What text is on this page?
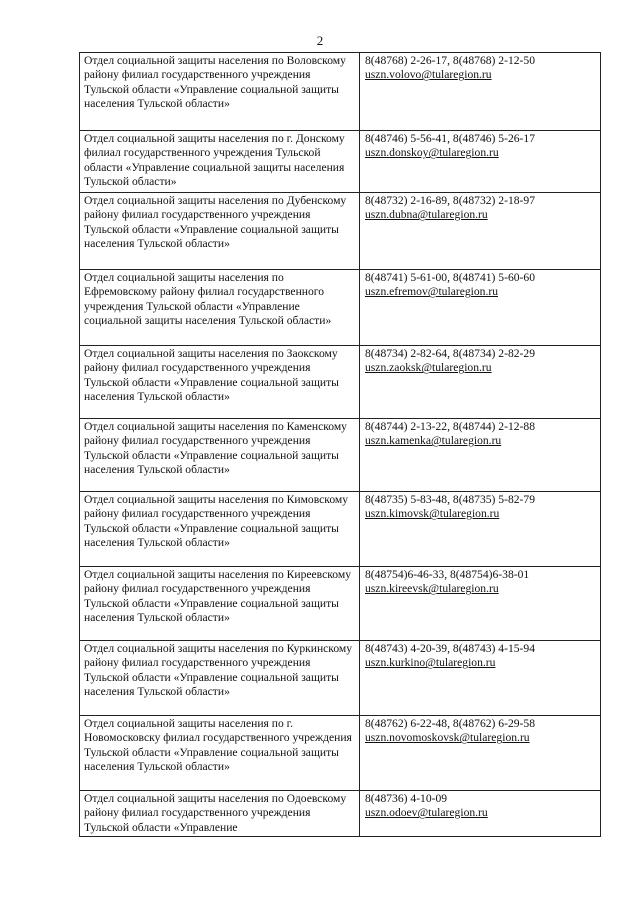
2
Отдел социальной защиты населения по Воловскому району филиал государственного учреждения Тульской области «Управление социальной защиты населения Тульской области»	8(48768) 2-26-17, 8(48768) 2-12-50
uszn.volovo@tularegion.ru

Отдел социальной защиты населения по г. Донскому филиал государственного учреждения Тульской области «Управление социальной защиты населения Тульской области»	8(48746) 5-56-41, 8(48746) 5-26-17
uszn.donskoy@tularegion.ru

Отдел социальной защиты населения по Дубенскому району филиал государственного учреждения Тульской области «Управление социальной защиты населения Тульской области»	8(48732) 2-16-89, 8(48732) 2-18-97
uszn.dubna@tularegion.ru

Отдел социальной защиты населения по Ефремовскому району филиал государственного учреждения Тульской области «Управление социальной защиты населения Тульской области»	8(48741) 5-61-00, 8(48741) 5-60-60
uszn.efremov@tularegion.ru

Отдел социальной защиты населения по Заокскому району филиал государственного учреждения Тульской области «Управление социальной защиты населения Тульской области»	8(48734) 2-82-64, 8(48734) 2-82-29
uszn.zaoksk@tularegion.ru

Отдел социальной защиты населения по Каменскому району филиал государственного учреждения Тульской области «Управление социальной защиты населения Тульской области»	8(48744) 2-13-22, 8(48744) 2-12-88
uszn.kamenka@tularegion.ru

Отдел социальной защиты населения по Кимовскому району филиал государственного учреждения Тульской области «Управление социальной защиты населения Тульской области»	8(48735) 5-83-48, 8(48735) 5-82-79
uszn.kimovsk@tularegion.ru

Отдел социальной защиты населения по Киреевскому району филиал государственного учреждения Тульской области «Управление социальной защиты населения Тульской области»	8(48754)6-46-33, 8(48754)6-38-01
uszn.kireevsk@tularegion.ru

Отдел социальной защиты населения по Куркинскому району филиал государственного учреждения Тульской области «Управление социальной защиты населения Тульской области»	8(48743) 4-20-39, 8(48743) 4-15-94
uszn.kurkino@tularegion.ru

Отдел социальной защиты населения по г. Новомосковску филиал государственного учреждения Тульской области «Управление социальной защиты населения Тульской области»	8(48762) 6-22-48, 8(48762) 6-29-58
uszn.novomoskovsk@tularegion.ru

Отдел социальной защиты населения по Одоевскому району филиал государственного учреждения Тульской области «Управление	8(48736) 4-10-09
uszn.odoev@tularegion.ru
